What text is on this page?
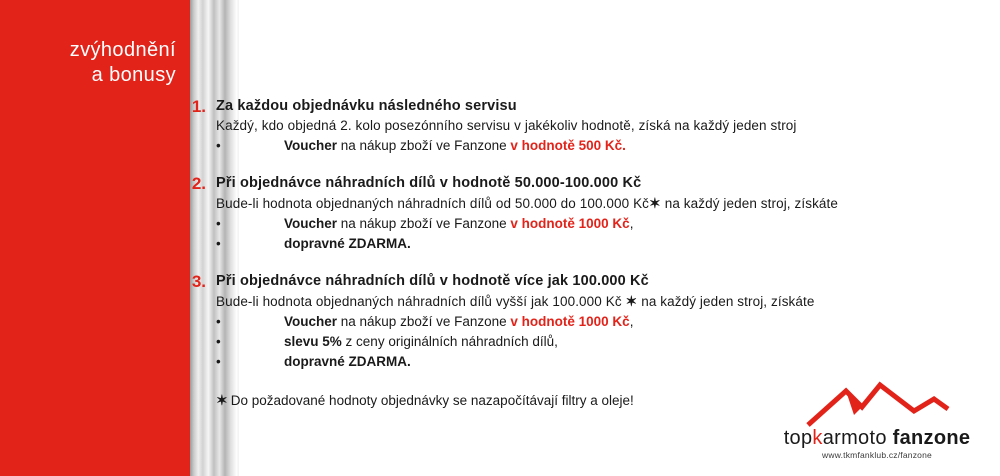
zvýhodnění
a bonusy
1. Za každou objednávku následného servisu
Každý, kdo objedná 2. kolo posezónního servisu v jakékoliv hodnotě, získá na každý jeden stroj
•	Voucher na nákup zboží ve Fanzone v hodnotě 500 Kč.
2. Při objednávce náhradních dílů v hodnotě 50.000-100.000 Kč
Bude-li hodnota objednaných náhradních dílů od 50.000 do 100.000 Kč✶ na každý jeden stroj, získáte
•	Voucher na nákup zboží ve Fanzone v hodnotě 1000 Kč,
•	dopravné ZDARMA.
3. Při objednávce náhradních dílů v hodnotě více jak 100.000 Kč
Bude-li hodnota objednaných náhradních dílů vyšší jak 100.000 Kč ✶ na každý jeden stroj, získáte
•	Voucher na nákup zboží ve Fanzone v hodnotě 1000 Kč,
•	slevu 5% z ceny originálních náhradních dílů,
•	dopravné ZDARMA.
✶ Do požadované hodnoty objednávky se nazapočítávají filtry a oleje!
topkarmoto fanzone
www.tkmfanklub.cz/fanzone
